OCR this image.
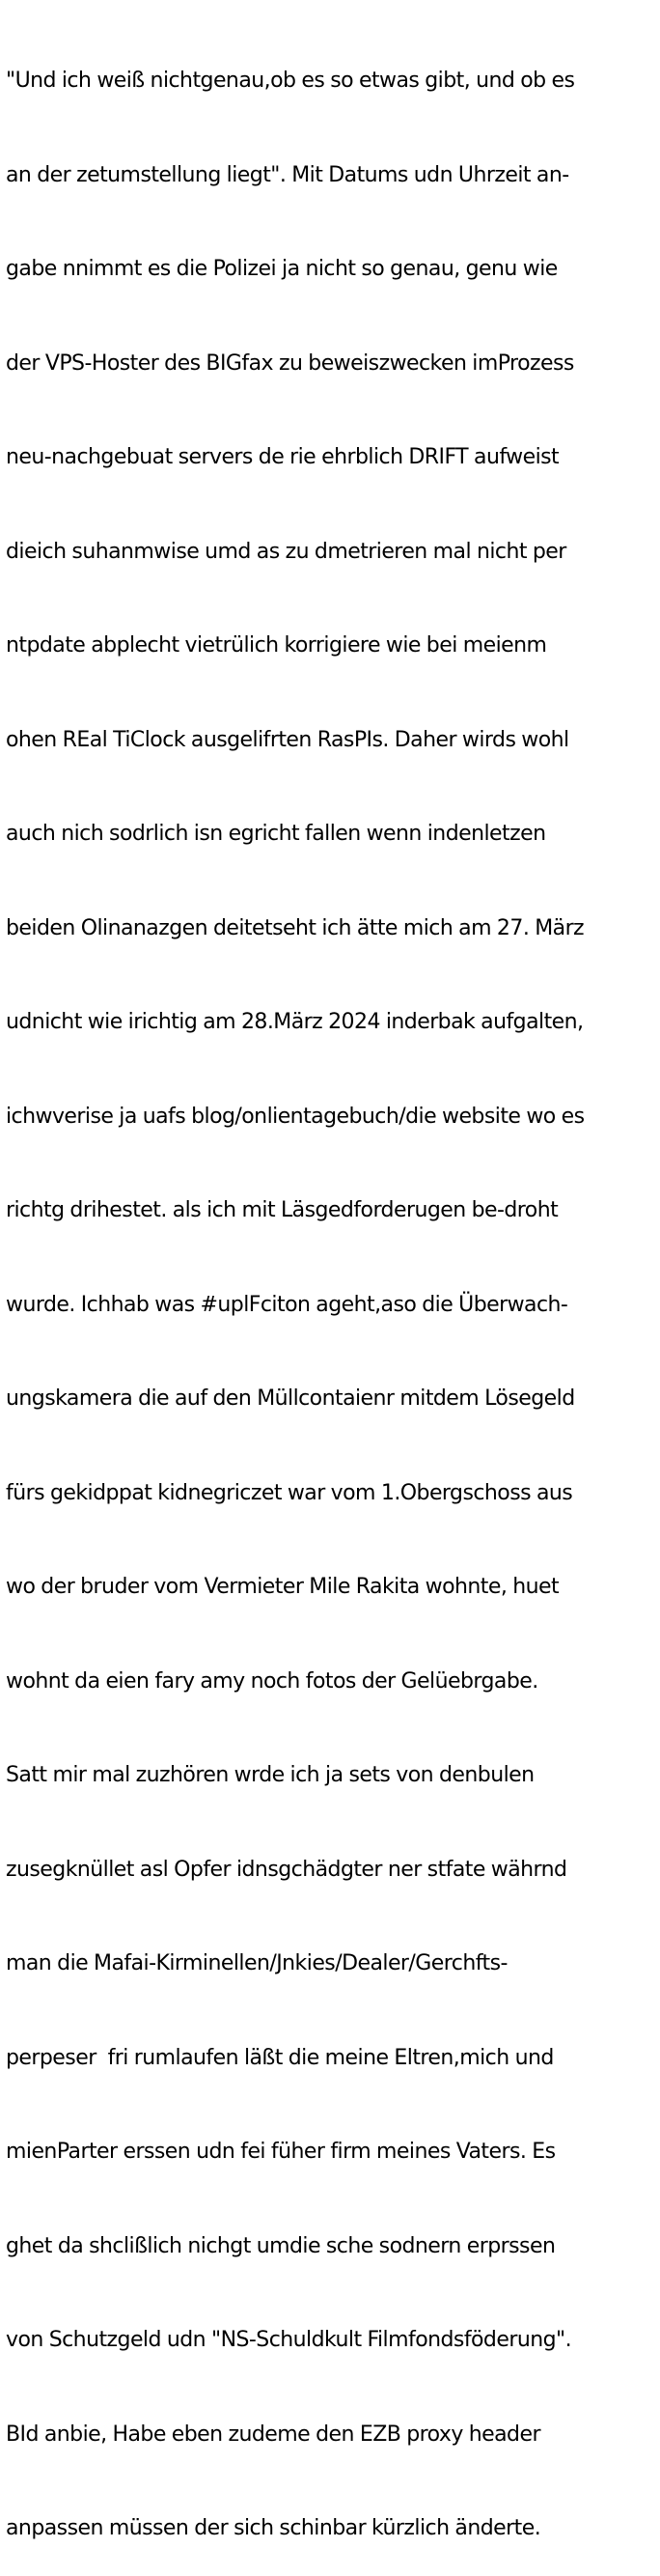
"Und ich weiß nichtgenau,ob es so etwas gibt, und ob es

an der zetumstellung liegt". Mit Datums udn Uhrzeit an-

gabe nnimmt es die Polizei ja nicht so genau, genu wie

der VPS-Hoster des BIGfax zu beweiszwecken imProzess

neu-nachgebuat servers de rie ehrblich DRIFT aufweist

dieich suhanmwise umd as zu dmetrieren mal nicht per

ntpdate abplecht vietrülich korrigiere wie bei meienm

ohen REal TiClock ausgelifrten RasPIs. Daher wirds wohl

auch nich sodrlich isn egricht fallen wenn indenletzen

beiden Olinanazgen deitetseht ich ätte mich am 27. März

udnicht wie irichtig am 28.März 2024 inderbak aufgalten,

ichwverise ja uafs blog/onlientagebuch/die website wo es

richtg drihestet. als ich mit Läsgedforderugen be-droht

wurde. Ichhab was #uplFciton ageht,aso die Überwach-

ungskamera die auf den Müllcontaienr mitdem Lösegeld

fürs gekidppat kidnegriczet war vom 1.Obergschoss aus

wo der bruder vom Vermieter Mile Rakita wohnte, huet

wohnt da eien fary amy noch fotos der Gelüebrgabe.

Satt mir mal zuzhören wrde ich ja sets von denbulen

zusegknüllet asl Opfer idnsgchädgter ner stfate währnd

man die Mafai-Kirminellen/Jnkies/Dealer/Gerchfts-

perpeser  fri rumlaufen läßt die meine Eltren,mich und

mienParter erssen udn fei füher firm meines Vaters. Es

ghet da shclißlich nichgt umdie sche sodnern erprssen

von Schutzgeld udn "NS-Schuldkult Filmfondsföderung".

BId anbie, Habe eben zudeme den EZB proxy header

anpassen müssen der sich schinbar kürzlich änderte.
